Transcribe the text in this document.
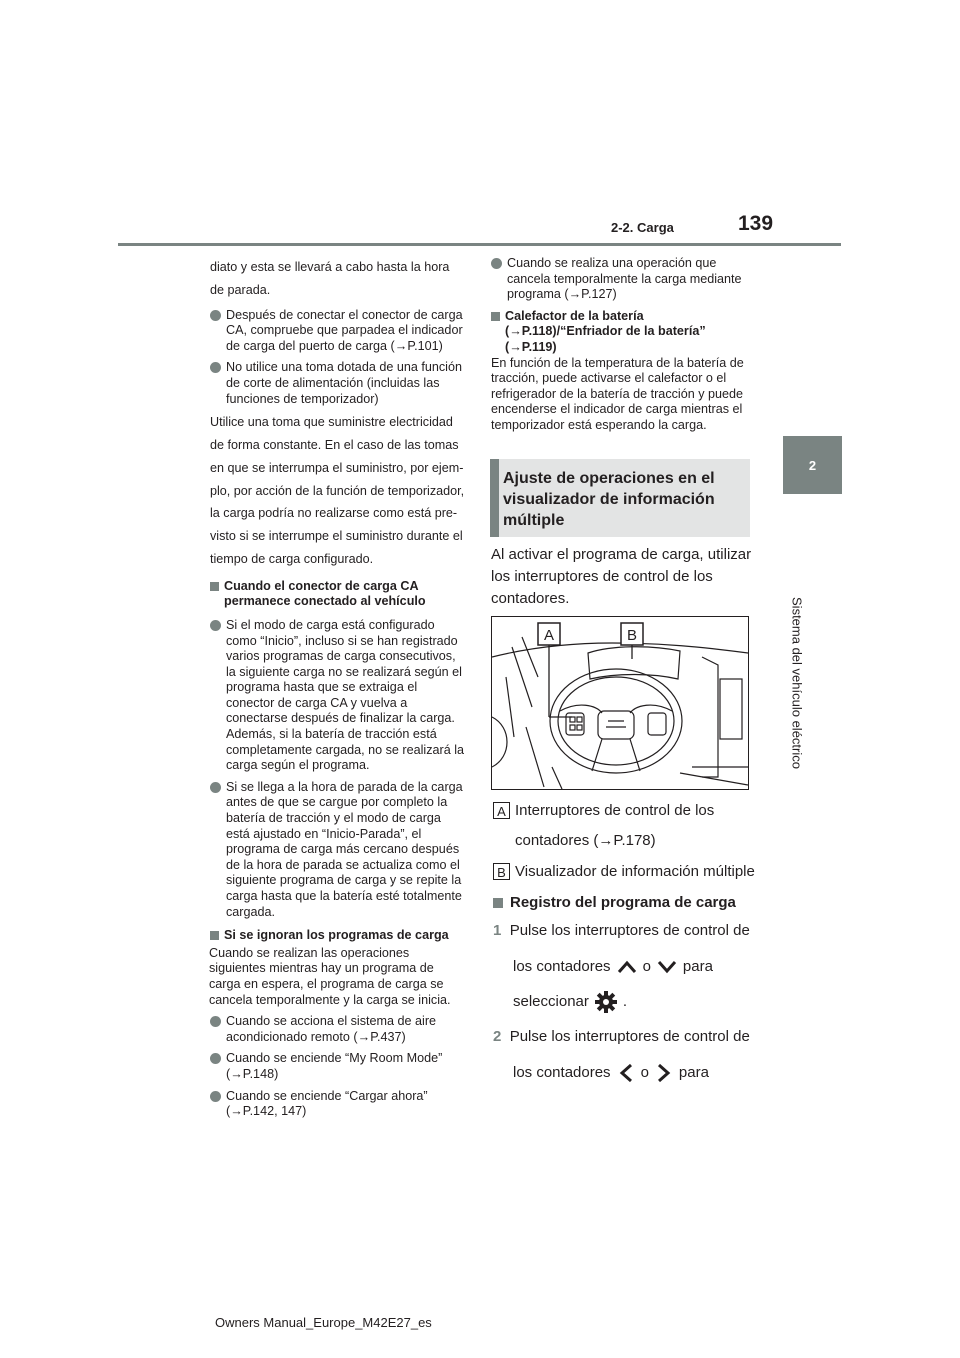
139
2-2. Carga
2
Sistema del vehículo eléctrico

diato y esta se llevará a cabo hasta la hora

de parada.

Después de conectar el conector de carga CA, compruebe que parpadea el indicador de carga del puerto de carga (→P.101)
No utilice una toma dotada de una función de corte de alimentación (incluidas las funciones de temporizador)

Utilice una toma que suministre electricidad

de forma constante. En el caso de las tomas

en que se interrumpa el suministro, por ejem-

plo, por acción de la función de temporizador,

la carga podría no realizarse como está pre-

visto si se interrumpe el suministro durante el

tiempo de carga configurado.

Cuando el conector de carga CA permanece conectado al vehículo
Si el modo de carga está configurado como “Inicio”, incluso si se han registrado varios programas de carga consecutivos, la siguiente carga no se realizará según el programa hasta que se extraiga el conector de carga CA y vuelva a conectarse después de finalizar la carga. Además, si la batería de tracción está completamente cargada, no se realizará la carga según el programa.
Si se llega a la hora de parada de la carga antes de que se cargue por completo la batería de tracción y el modo de carga está ajustado en “Inicio-Parada”, el programa de carga más cercano después de la hora de parada se actualiza como el siguiente programa de carga y se repite la carga hasta que la batería esté totalmente cargada.
Si se ignoran los programas de carga

Cuando se realizan las operaciones siguientes mientras hay un programa de carga en espera, el programa de carga se cancela temporalmente y la carga se inicia.

Cuando se acciona el sistema de aire acondicionado remoto (→P.437)
Cuando se enciende “My Room Mode” (→P.148)
Cuando se enciende “Cargar ahora” (→P.142, 147)
Cuando se realiza una operación que cancela temporalmente la carga mediante programa (→P.127)
Calefactor de la batería (→P.118)/“Enfriador de la batería” (→P.119)

En función de la temperatura de la batería de tracción, puede activarse el calefactor o el refrigerador de la batería de tracción y puede encenderse el indicador de carga mientras el temporizador está esperando la carga.

Ajuste de operaciones en el visualizador de información múltiple
Al activar el programa de carga, utilizar los interruptores de control de los contadores.
A	B
A Interruptores de control de los contadores (→P.178)
B Visualizador de información múltiple
Registro del programa de carga
1 Pulse los interruptores de control de
los contadores o para
seleccionar .
2 Pulse los interruptores de control de
los contadores o para
Owners Manual_Europe_M42E27_es
